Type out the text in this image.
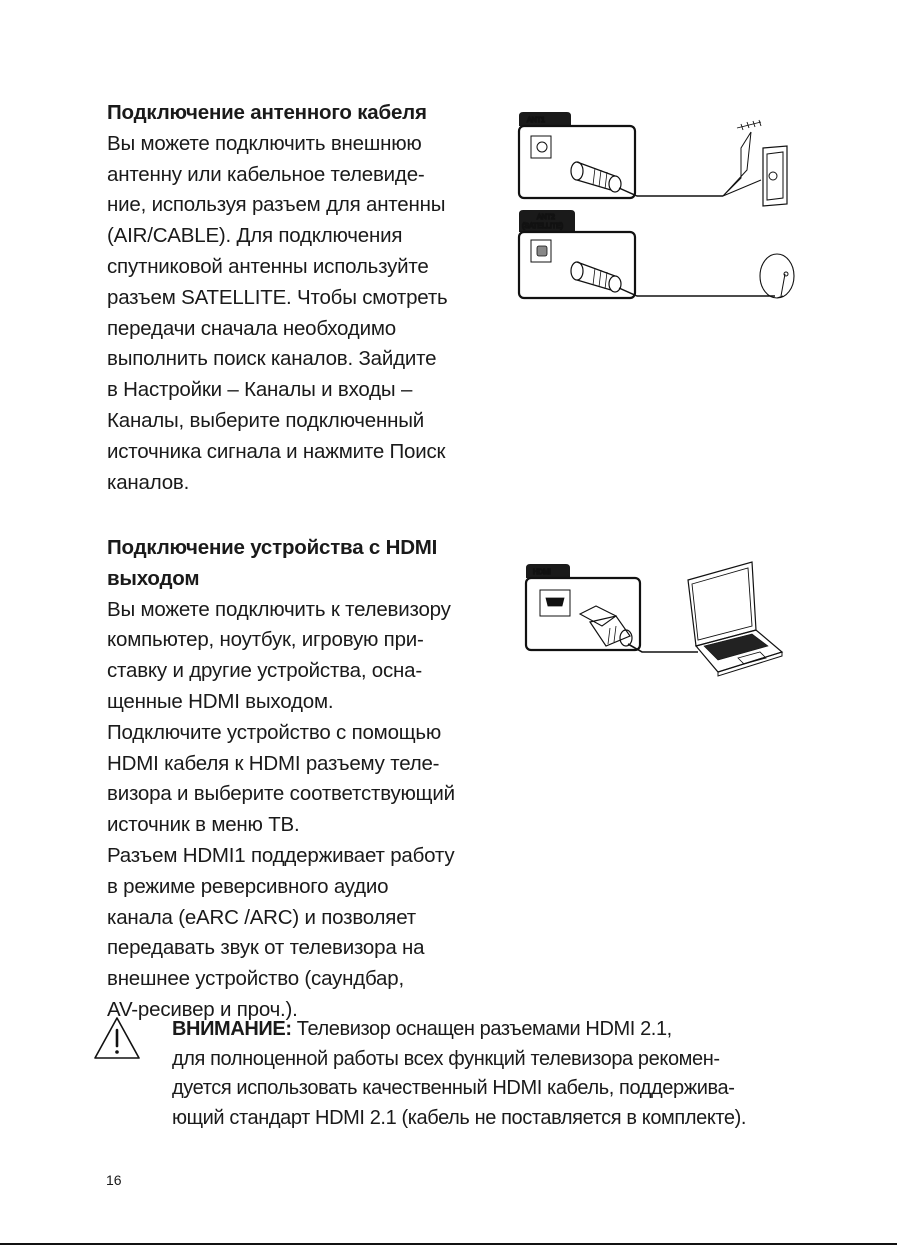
Подключение антенного кабеля
Вы можете подключить внешнюю
антенну или кабельное телевиде-
ние, используя разъем для антенны
(AIR/CABLE). Для подключения
спутниковой антенны используйте
разъем SATELLITE. Чтобы смотреть
передачи сначала необходимо
выполнить поиск каналов. Зайдите
в Настройки – Каналы и входы –
Каналы, выберите подключенный
источника сигнала и нажмите Поиск
каналов.
ANT1
ANT2
(SATELLITE)
Подключение устройства с HDMI
выходом
Вы можете подключить к телевизору
компьютер, ноутбук, игровую при-
ставку и другие устройства, осна-
щенные HDMI выходом.
Подключите устройство с помощью
HDMI кабеля к HDMI разъему теле-
визора и выберите соответствующий
источник в меню ТВ.
Разъем HDMI1 поддерживает работу
в режиме реверсивного аудио
канала (eARC /ARC) и позволяет
передавать звук от телевизора на
внешнее устройство (саундбар,
AV-ресивер и проч.).
HDMI
ВНИМАНИЕ: Телевизор оснащен разъемами HDMI 2.1,
для полноценной работы всех функций телевизора рекомен-
дуется использовать качественный HDMI кабель, поддержива-
ющий стандарт HDMI 2.1 (кабель не поставляется в комплекте).
16
